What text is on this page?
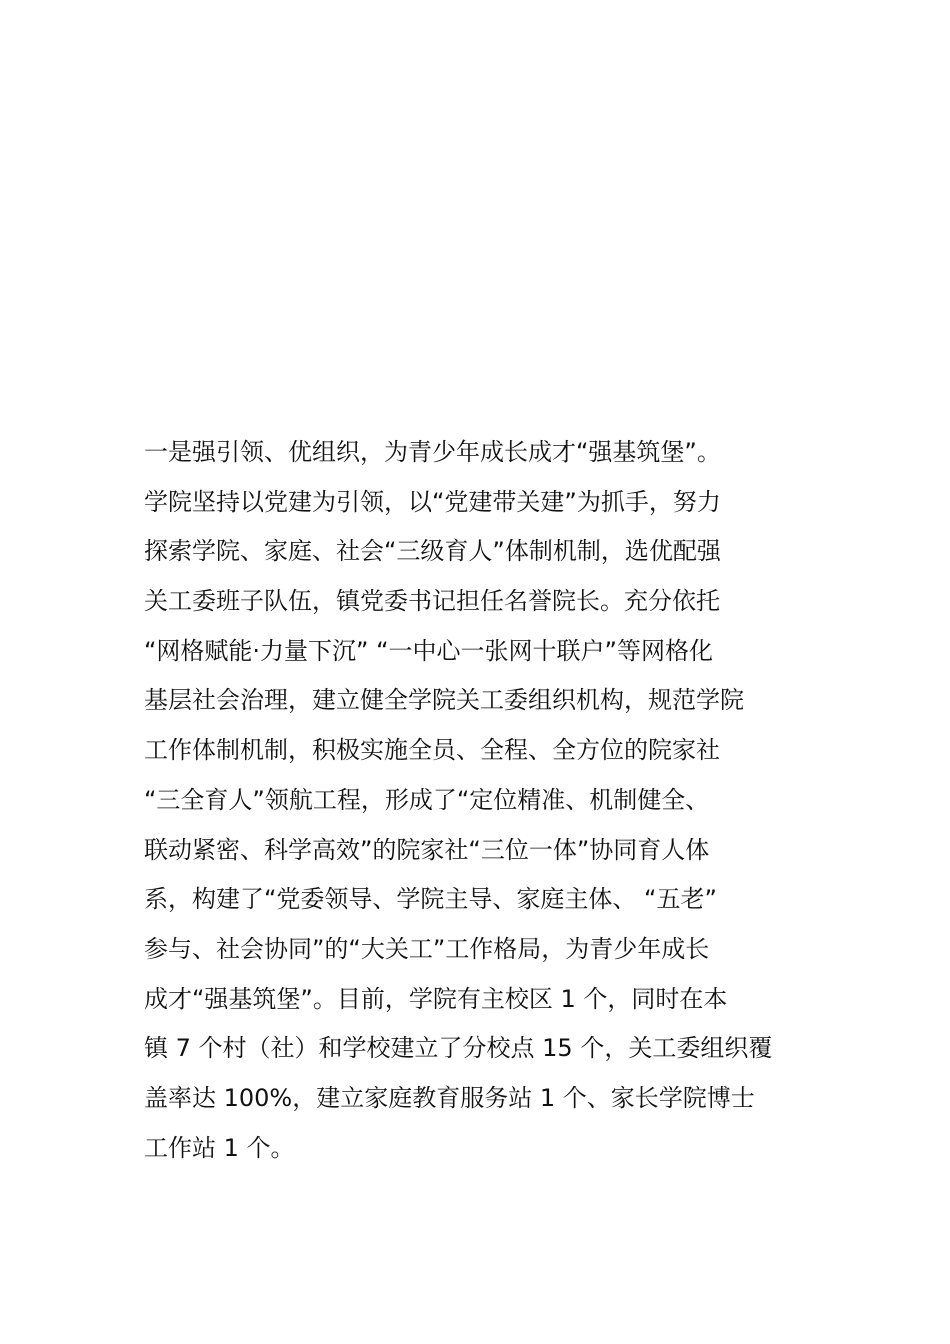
一是强引领、优组织，为青少年成长成才“强基筑堡”。
学院坚持以党建为引领，以“党建带关建”为抓手，努力
探索学院、家庭、社会“三级育人”体制机制，选优配强
关工委班子队伍，镇党委书记担任名誉院长。充分依托
“网格赋能·力量下沉” “一中心一张网十联户”等网格化
基层社会治理，建立健全学院关工委组织机构，规范学院
工作体制机制，积极实施全员、全程、全方位的院家社
“三全育人”领航工程，形成了“定位精准、机制健全、
联动紧密、科学高效”的院家社“三位一体”协同育人体
系，构建了“党委领导、学院主导、家庭主体、 “五老”
参与、社会协同”的“大关工”工作格局，为青少年成长
成才“强基筑堡”。目前，学院有主校区 1 个，同时在本
镇 7 个村（社）和学校建立了分校点 15 个，关工委组织覆
盖率达 100%，建立家庭教育服务站 1 个、家长学院博士
工作站 1 个。
